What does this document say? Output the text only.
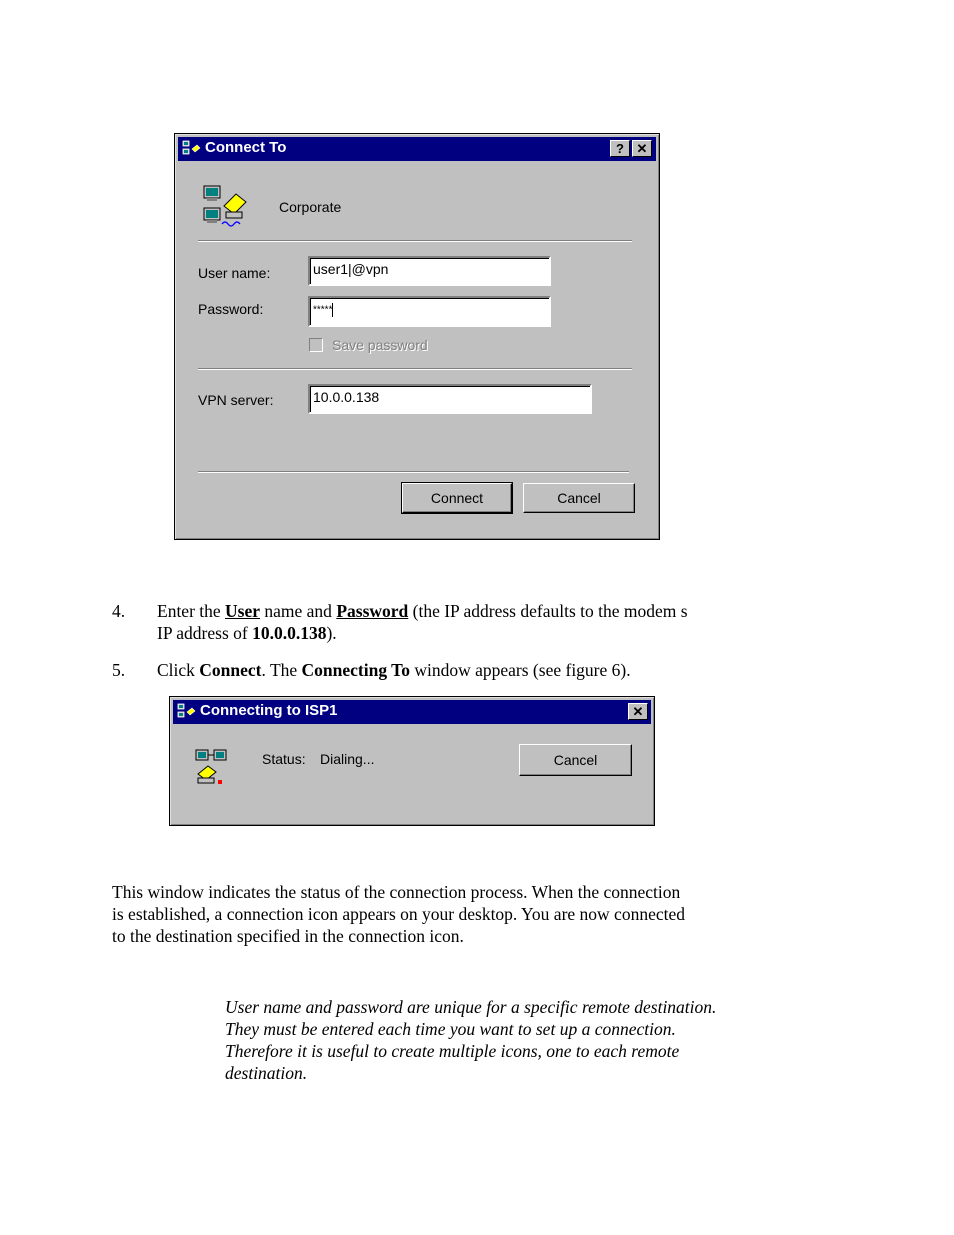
Connect To	? ✕
Corporate
User name:	user1|@vpn
Password:	*****
Save password
VPN server:	10.0.0.138
Connect	Cancel
4. Enter the User name and Password (the IP address defaults to the modem s
IP address of 10.0.0.138).
5. Click Connect. The Connecting To window appears (see figure 6).
Connecting to ISP1	✕
Status: Dialing...	Cancel
This window indicates the status of the connection process. When the connection
is established, a connection icon appears on your desktop. You are now connected
to the destination specified in the connection icon.
User name and password are unique for a specific remote destination.
They must be entered each time you want to set up a connection.
Therefore it is useful to create multiple icons, one to each remote
destination.
